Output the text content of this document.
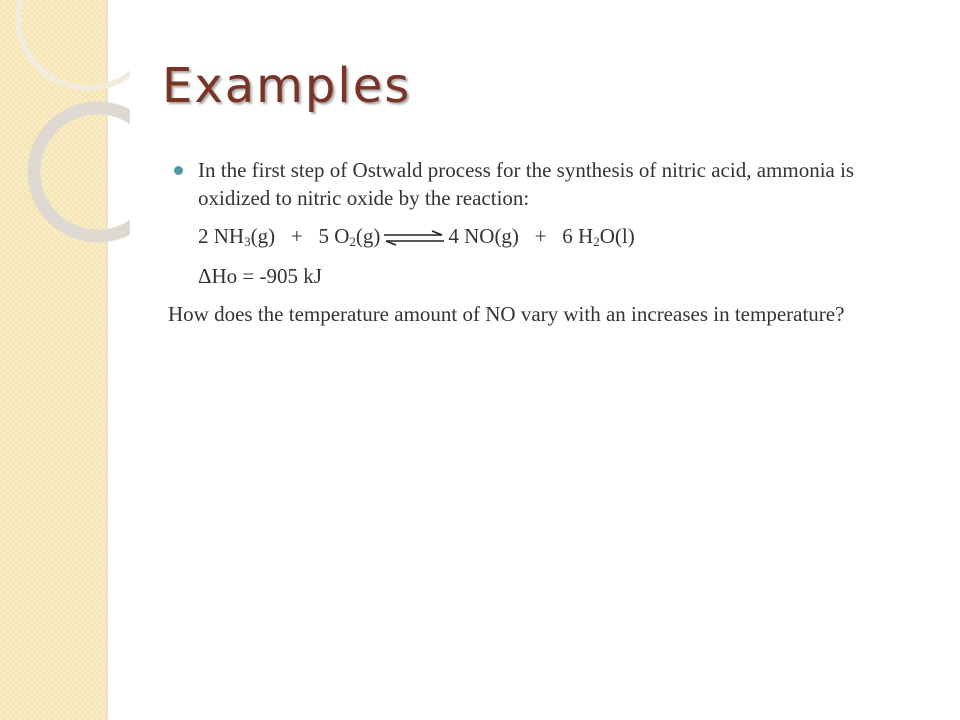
Examples

In the first step of Ostwald process for the synthesis of nitric acid, ammonia is oxidized to nitric oxide by the reaction:

2 $NH_3(g) + 5$ $O_2(g)$ ⇌ 4 NO(g) + 6 $H_2O(l)$
ΔHo = -905 kJ

How does the temperature amount of NO vary with an increases in temperature?
